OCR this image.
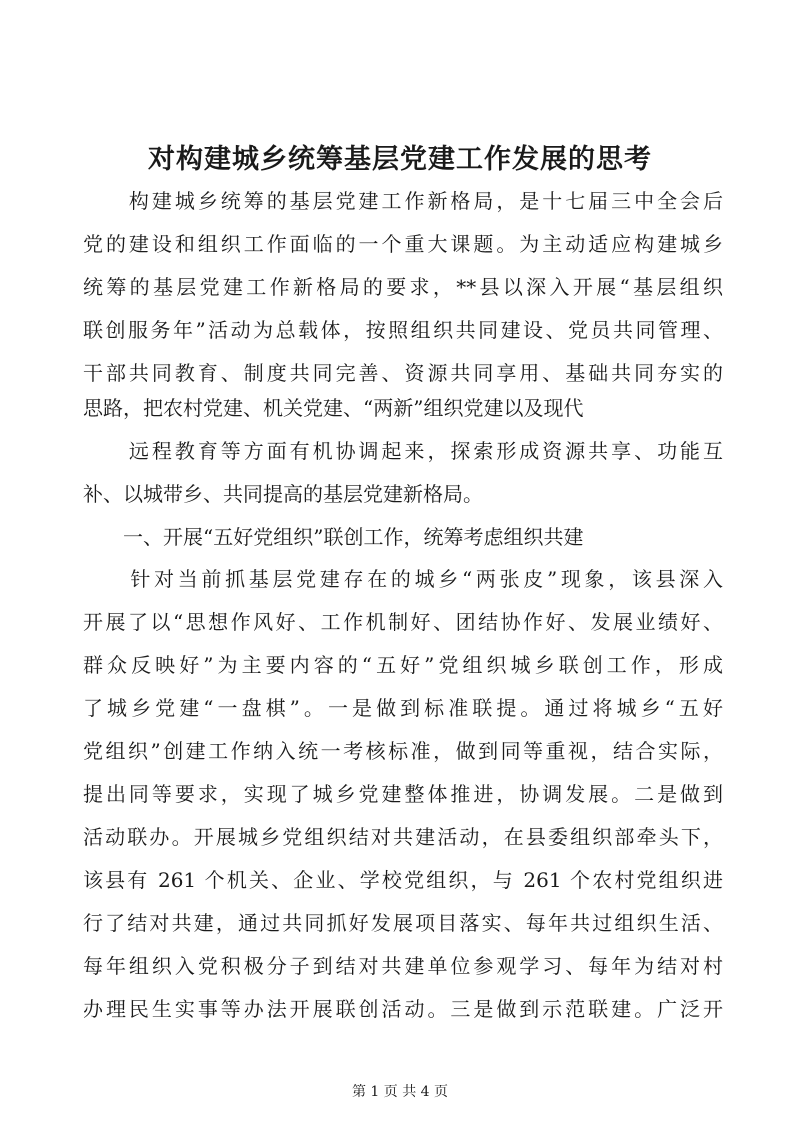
对构建城乡统筹基层党建工作发展的思考
　　构建城乡统筹的基层党建工作新格局，是十七届三中全会后
党的建设和组织工作面临的一个重大课题。为主动适应构建城乡
统筹的基层党建工作新格局的要求，**县以深入开展“基层组织
联创服务年”活动为总载体，按照组织共同建设、党员共同管理、
干部共同教育、制度共同完善、资源共同享用、基础共同夯实的
思路，把农村党建、机关党建、“两新”组织党建以及现代
　　远程教育等方面有机协调起来，探索形成资源共享、功能互
补、以城带乡、共同提高的基层党建新格局。
　　一、开展“五好党组织”联创工作，统筹考虑组织共建
　　针对当前抓基层党建存在的城乡“两张皮”现象，该县深入
开展了以“思想作风好、工作机制好、团结协作好、发展业绩好、
群众反映好”为主要内容的“五好”党组织城乡联创工作，形成
了城乡党建“一盘棋”。一是做到标准联提。通过将城乡“五好
党组织”创建工作纳入统一考核标准，做到同等重视，结合实际，
提出同等要求，实现了城乡党建整体推进，协调发展。二是做到
活动联办。开展城乡党组织结对共建活动，在县委组织部牵头下，
该县有 261 个机关、企业、学校党组织，与 261 个农村党组织进
行了结对共建，通过共同抓好发展项目落实、每年共过组织生活、
每年组织入党积极分子到结对共建单位参观学习、每年为结对村
办理民生实事等办法开展联创活动。三是做到示范联建。广泛开
第 1 页 共 4 页
